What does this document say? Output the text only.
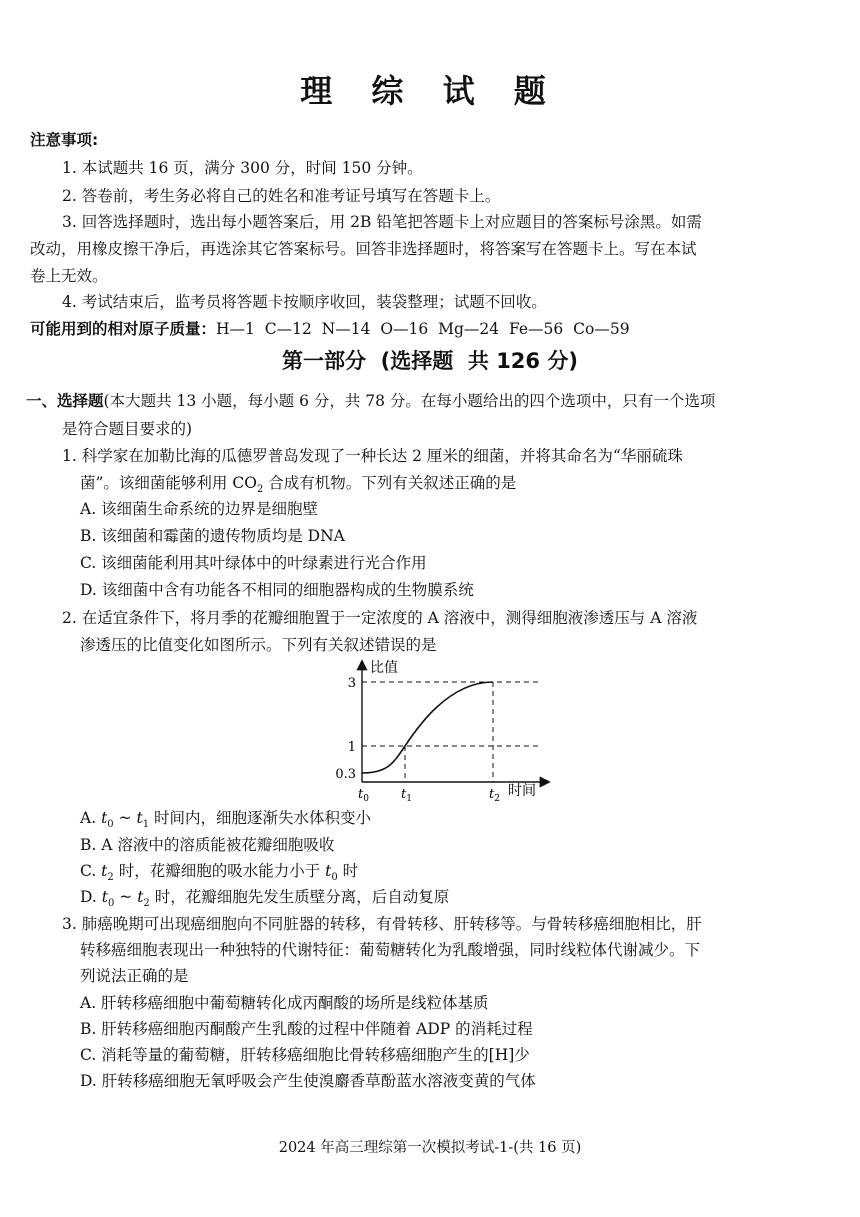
理 综 试 题
注意事项:
1. 本试题共 16 页，满分 300 分，时间 150 分钟。
2. 答卷前，考生务必将自己的姓名和准考证号填写在答题卡上。
3. 回答选择题时，选出每小题答案后，用 2B 铅笔把答题卡上对应题目的答案标号涂黑。如需
改动，用橡皮擦干净后，再选涂其它答案标号。回答非选择题时，将答案写在答题卡上。写在本试
卷上无效。
4. 考试结束后，监考员将答题卡按顺序收回，装袋整理；试题不回收。
可能用到的相对原子质量：H—1  C—12  N—14  O—16  Mg—24  Fe—56  Co—59
第一部分  (选择题  共 126 分)
一、选择题(本大题共 13 小题，每小题 6 分，共 78 分。在每小题给出的四个选项中，只有一个选项
是符合题目要求的)
1. 科学家在加勒比海的瓜德罗普岛发现了一种长达 2 厘米的细菌，并将其命名为“华丽硫珠
菌”。该细菌能够利用 $CO_2$ 合成有机物。下列有关叙述正确的是
A. 该细菌生命系统的边界是细胞壁
B. 该细菌和霉菌的遗传物质均是 DNA
C. 该细菌能利用其叶绿体中的叶绿素进行光合作用
D. 该细菌中含有功能各不相同的细胞器构成的生物膜系统
2. 在适宜条件下，将月季的花瓣细胞置于一定浓度的 A 溶液中，测得细胞液渗透压与 A 溶液
渗透压的比值变化如图所示。下列有关叙述错误的是
比值
时间
0.3
1
3
$t_0$ $t_1$	$t_2$
A. $t_0$ ~ $t_1$ 时间内，细胞逐渐失水体积变小
B. A 溶液中的溶质能被花瓣细胞吸收
C. $t_2$ 时，花瓣细胞的吸水能力小于 $t_0$ 时
D. $t_0$ ~ $t_2$ 时，花瓣细胞先发生质壁分离，后自动复原
3. 肺癌晚期可出现癌细胞向不同脏器的转移，有骨转移、肝转移等。与骨转移癌细胞相比，肝
转移癌细胞表现出一种独特的代谢特征：葡萄糖转化为乳酸增强，同时线粒体代谢减少。下
列说法正确的是
A. 肝转移癌细胞中葡萄糖转化成丙酮酸的场所是线粒体基质
B. 肝转移癌细胞丙酮酸产生乳酸的过程中伴随着 ADP 的消耗过程
C. 消耗等量的葡萄糖，肝转移癌细胞比骨转移癌细胞产生的[H]少
D. 肝转移癌细胞无氧呼吸会产生使溴麝香草酚蓝水溶液变黄的气体
2024 年高三理综第一次模拟考试-1-(共 16 页)
